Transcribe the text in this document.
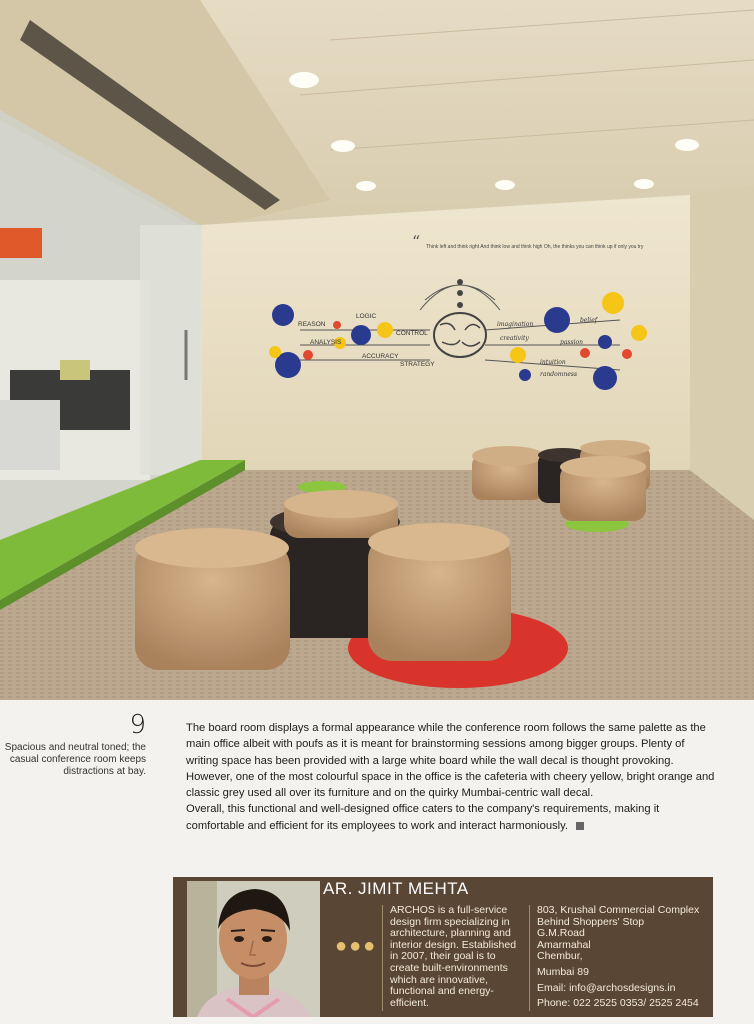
“ Think left and think right And think low and think high Oh, the thinks you can think up if only you try
REASON
LOGIC
CONTROL
ANALYSIS
ACCURACY
STRATEGY
imagination
creativity
passion
intuition
belief
randomness
9
Spacious and neutral toned; the casual conference room keeps distractions at bay.

The board room displays a formal appearance while the conference room follows the same palette as the main office albeit with poufs as it is meant for brainstorming sessions among bigger groups. Plenty of writing space has been provided with a large white board while the wall decal is thought provoking. However, one of the most colourful space in the office is the cafeteria with cheery yellow, bright orange and classic grey used all over its furniture and on the quirky Mumbai-centric wall decal.

Overall, this functional and well-designed office caters to the company's requirements, making it comfortable and efficient for its employees to work and interact harmoniously.

AR. JIMIT MEHTA
●●●
ARCHOS is a full-service design firm specializing in architecture, planning and interior design. Established in 2007, their goal is to create built-environments which are innovative, functional and energy-efficient.
803, Krushal Commercial Complex
Behind Shoppers' Stop
G.M.Road
Amarmahal
Chembur,
Mumbai 89
Email: info@archosdesigns.in
Phone: 022 2525 0353/ 2525 2454
